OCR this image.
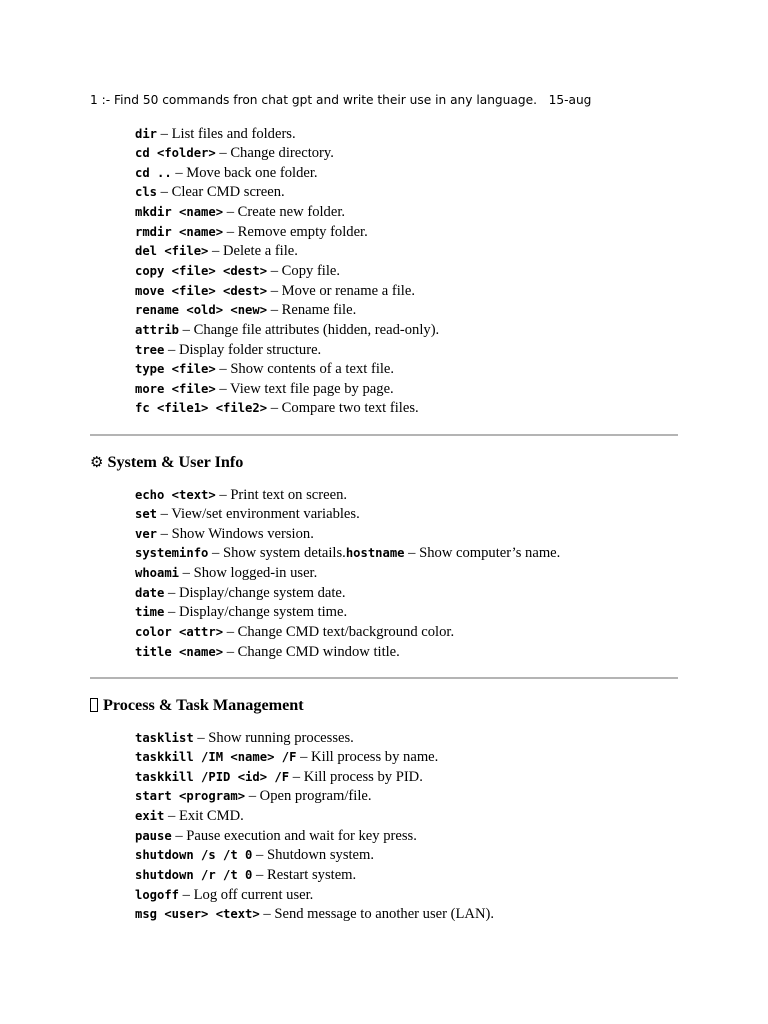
1 :- Find 50 commands fron chat gpt and write their use in any language.   15-aug
dir – List files and folders.
cd <folder> – Change directory.
cd .. – Move back one folder.
cls – Clear CMD screen.
mkdir <name> – Create new folder.
rmdir <name> – Remove empty folder.
del <file> – Delete a file.
copy <file> <dest> – Copy file.
move <file> <dest> – Move or rename a file.
rename <old> <new> – Rename file.
attrib – Change file attributes (hidden, read-only).
tree – Display folder structure.
type <file> – Show contents of a text file.
more <file> – View text file page by page.
fc <file1> <file2> – Compare two text files.
⚙ System & User Info
echo <text> – Print text on screen.
set – View/set environment variables.
ver – Show Windows version.
systeminfo – Show system details.hostname – Show computer’s name.
whoami – Show logged-in user.
date – Display/change system date.
time – Display/change system time.
color <attr> – Change CMD text/background color.
title <name> – Change CMD window title.
Process & Task Management
tasklist – Show running processes.
taskkill /IM <name> /F – Kill process by name.
taskkill /PID <id> /F – Kill process by PID.
start <program> – Open program/file.
exit – Exit CMD.
pause – Pause execution and wait for key press.
shutdown /s /t 0 – Shutdown system.
shutdown /r /t 0 – Restart system.
logoff – Log off current user.
msg <user> <text> – Send message to another user (LAN).
